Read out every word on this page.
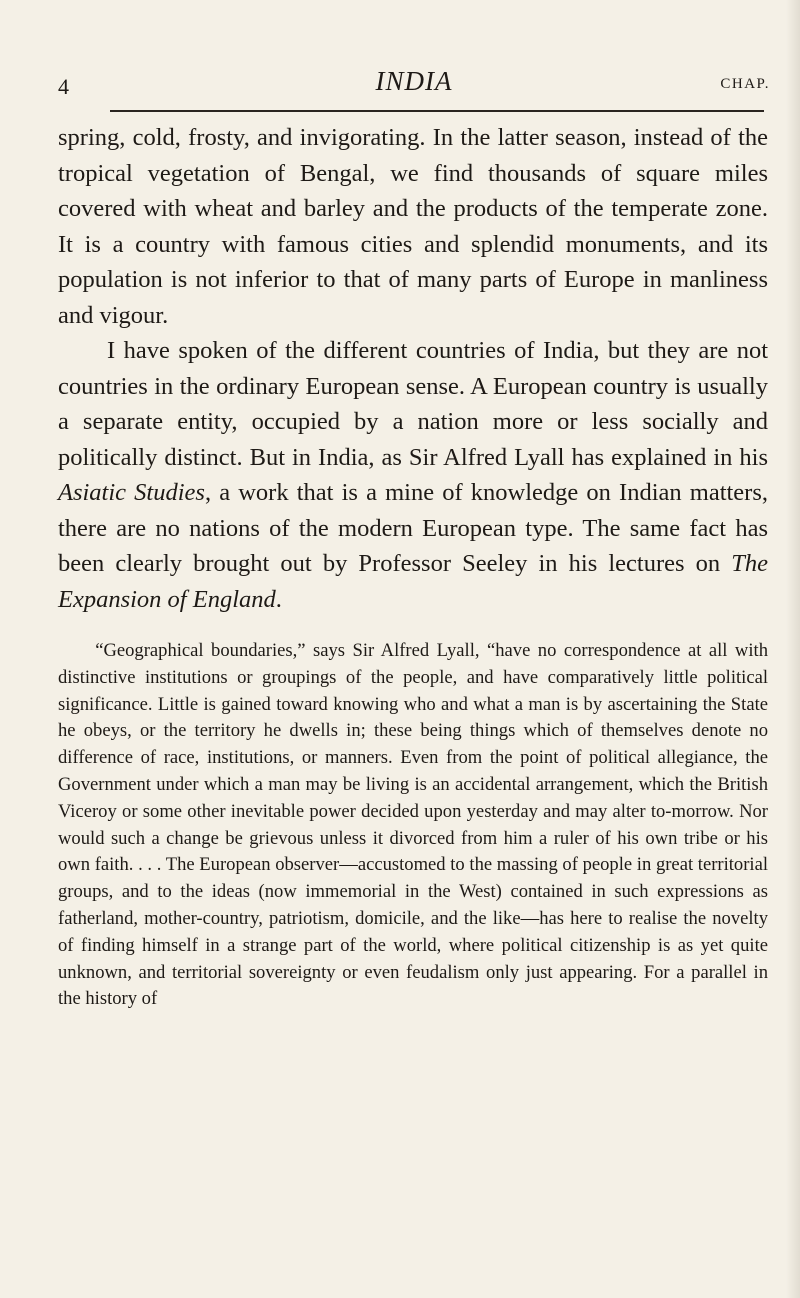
4	INDIA	CHAP.

spring, cold, frosty, and invigorating. In the latter season, instead of the tropical vegetation of Bengal, we find thousands of square miles covered with wheat and barley and the products of the temperate zone. It is a country with famous cities and splendid monuments, and its population is not inferior to that of many parts of Europe in manliness and vigour.

I have spoken of the different countries of India, but they are not countries in the ordinary European sense. A European country is usually a separate entity, occupied by a nation more or less socially and politically distinct. But in India, as Sir Alfred Lyall has explained in his Asiatic Studies, a work that is a mine of knowledge on Indian matters, there are no nations of the modern European type. The same fact has been clearly brought out by Professor Seeley in his lectures on The Expansion of England.

“Geographical boundaries,” says Sir Alfred Lyall, “have no correspondence at all with distinctive institutions or groupings of the people, and have comparatively little political significance. Little is gained toward knowing who and what a man is by ascertaining the State he obeys, or the territory he dwells in; these being things which of themselves denote no difference of race, institutions, or manners. Even from the point of political allegiance, the Government under which a man may be living is an accidental arrangement, which the British Viceroy or some other inevitable power decided upon yesterday and may alter to-morrow. Nor would such a change be grievous unless it divorced from him a ruler of his own tribe or his own faith. . . . The European observer—accustomed to the massing of people in great territorial groups, and to the ideas (now immemorial in the West) contained in such expressions as fatherland, mother-country, patriotism, domicile, and the like—has here to realise the novelty of finding himself in a strange part of the world, where political citizenship is as yet quite unknown, and territorial sovereignty or even feudalism only just appearing. For a parallel in the history of
